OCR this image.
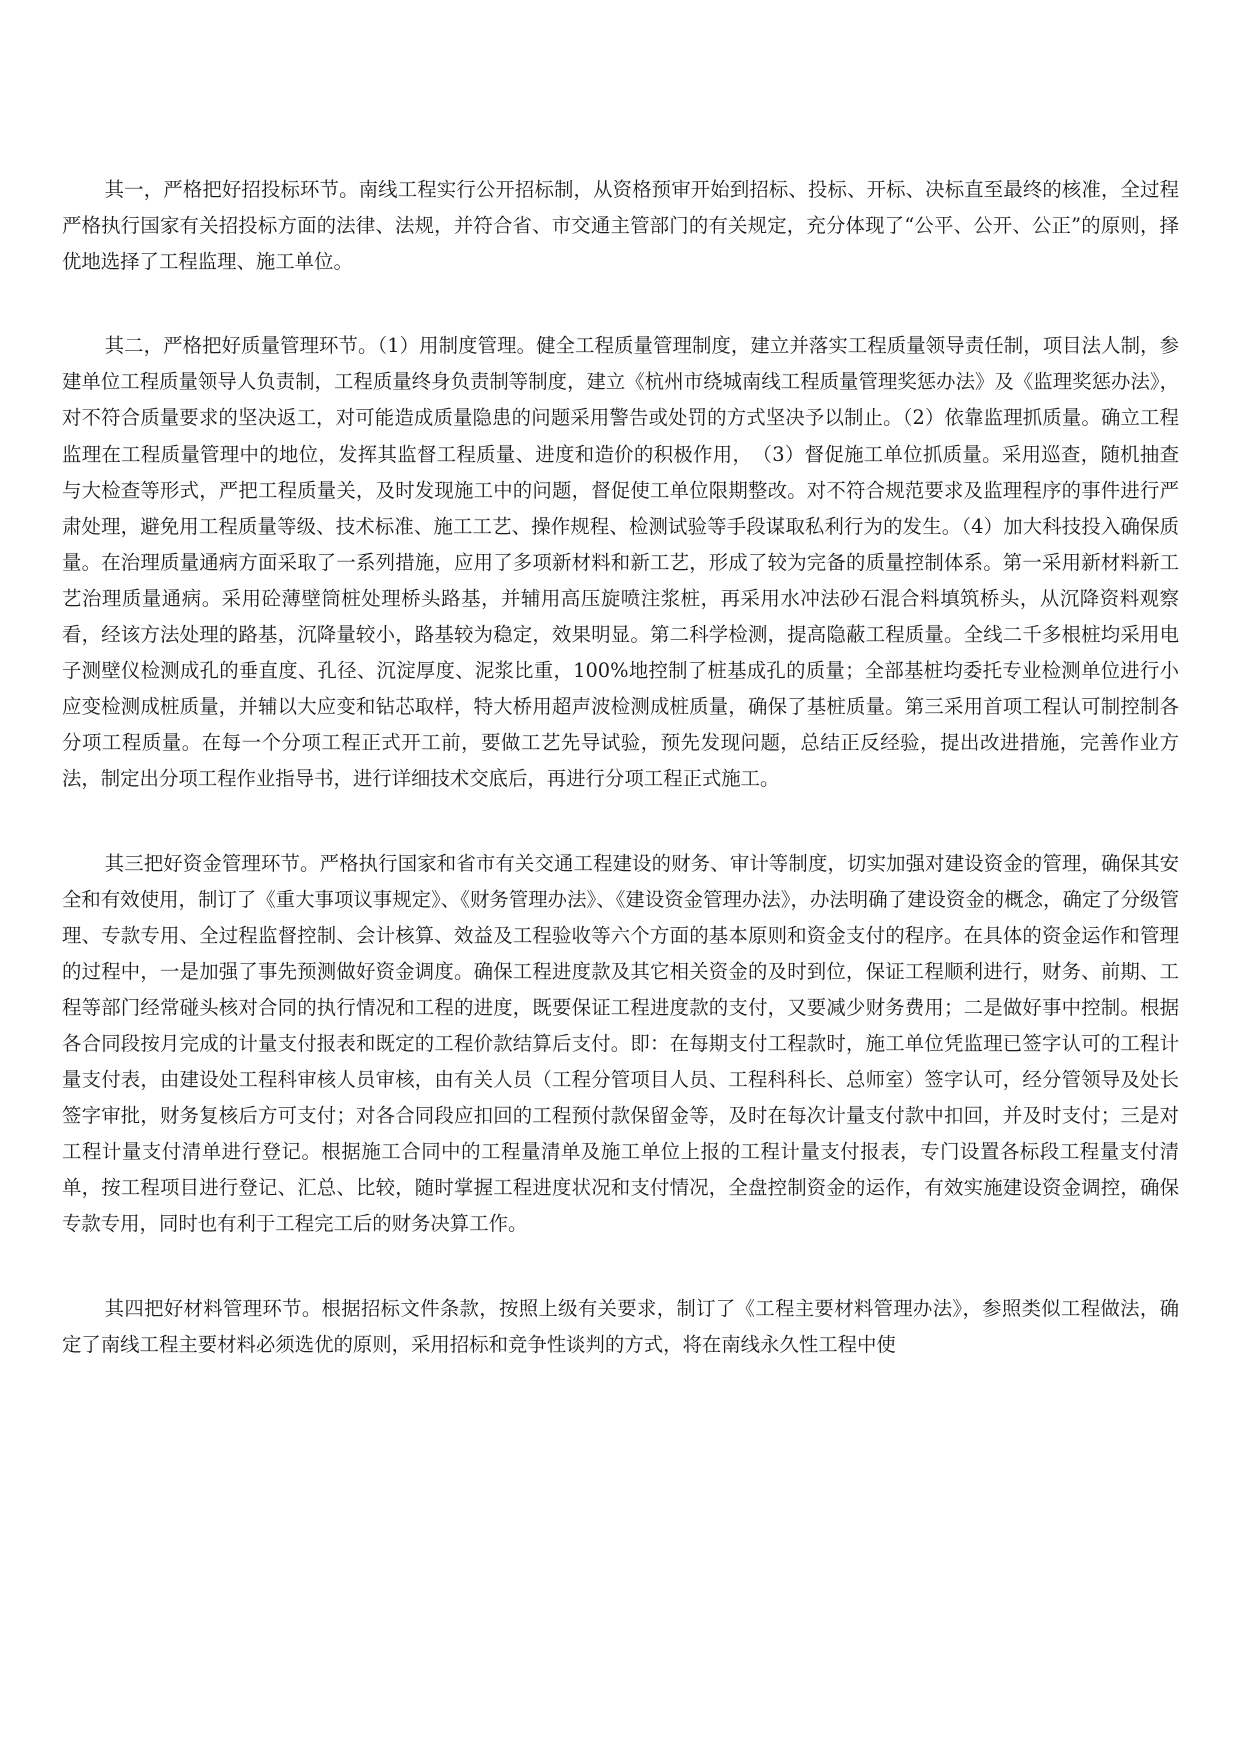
其一，严格把好招投标环节。南线工程实行公开招标制，从资格预审开始到招标、投标、开标、决标直至最终的核准，全过程严格执行国家有关招投标方面的法律、法规，并符合省、市交通主管部门的有关规定，充分体现了“公平、公开、公正”的原则，择优地选择了工程监理、施工单位。

其二，严格把好质量管理环节。（1）用制度管理。健全工程质量管理制度，建立并落实工程质量领导责任制，项目法人制，参建单位工程质量领导人负责制，工程质量终身负责制等制度，建立《杭州市绕城南线工程质量管理奖惩办法》及《监理奖惩办法》，对不符合质量要求的坚决返工，对可能造成质量隐患的问题采用警告或处罚的方式坚决予以制止。（2）依靠监理抓质量。确立工程监理在工程质量管理中的地位，发挥其监督工程质量、进度和造价的积极作用，　（3）督促施工单位抓质量。采用巡查，随机抽查与大检查等形式，严把工程质量关，及时发现施工中的问题，督促使工单位限期整改。对不符合规范要求及监理程序的事件进行严肃处理，避免用工程质量等级、技术标准、施工工艺、操作规程、检测试验等手段谋取私利行为的发生。（4）加大科技投入确保质量。在治理质量通病方面采取了一系列措施，应用了多项新材料和新工艺，形成了较为完备的质量控制体系。第一采用新材料新工艺治理质量通病。采用砼薄壁筒桩处理桥头路基，并辅用高压旋喷注浆桩，再采用水冲法砂石混合料填筑桥头，从沉降资料观察看，经该方法处理的路基，沉降量较小，路基较为稳定，效果明显。第二科学检测，提高隐蔽工程质量。全线二千多根桩均采用电子测壁仪检测成孔的垂直度、孔径、沉淀厚度、泥浆比重，100%地控制了桩基成孔的质量；全部基桩均委托专业检测单位进行小应变检测成桩质量，并辅以大应变和钻芯取样，特大桥用超声波检测成桩质量，确保了基桩质量。第三采用首项工程认可制控制各分项工程质量。在每一个分项工程正式开工前，要做工艺先导试验，预先发现问题，总结正反经验，提出改进措施，完善作业方法，制定出分项工程作业指导书，进行详细技术交底后，再进行分项工程正式施工。

其三把好资金管理环节。严格执行国家和省市有关交通工程建设的财务、审计等制度，切实加强对建设资金的管理，确保其安全和有效使用，制订了《重大事项议事规定》、《财务管理办法》、《建设资金管理办法》，办法明确了建设资金的概念，确定了分级管理、专款专用、全过程监督控制、会计核算、效益及工程验收等六个方面的基本原则和资金支付的程序。在具体的资金运作和管理的过程中，一是加强了事先预测做好资金调度。确保工程进度款及其它相关资金的及时到位，保证工程顺利进行，财务、前期、工程等部门经常碰头核对合同的执行情况和工程的进度，既要保证工程进度款的支付，又要减少财务费用；二是做好事中控制。根据各合同段按月完成的计量支付报表和既定的工程价款结算后支付。即：在每期支付工程款时，施工单位凭监理已签字认可的工程计量支付表，由建设处工程科审核人员审核，由有关人员（工程分管项目人员、工程科科长、总师室）签字认可，经分管领导及处长签字审批，财务复核后方可支付；对各合同段应扣回的工程预付款保留金等，及时在每次计量支付款中扣回，并及时支付；三是对工程计量支付清单进行登记。根据施工合同中的工程量清单及施工单位上报的工程计量支付报表，专门设置各标段工程量支付清单，按工程项目进行登记、汇总、比较，随时掌握工程进度状况和支付情况，全盘控制资金的运作，有效实施建设资金调控，确保专款专用，同时也有利于工程完工后的财务决算工作。

其四把好材料管理环节。根据招标文件条款，按照上级有关要求，制订了《工程主要材料管理办法》，参照类似工程做法，确定了南线工程主要材料必须选优的原则，采用招标和竞争性谈判的方式，将在南线永久性工程中使
